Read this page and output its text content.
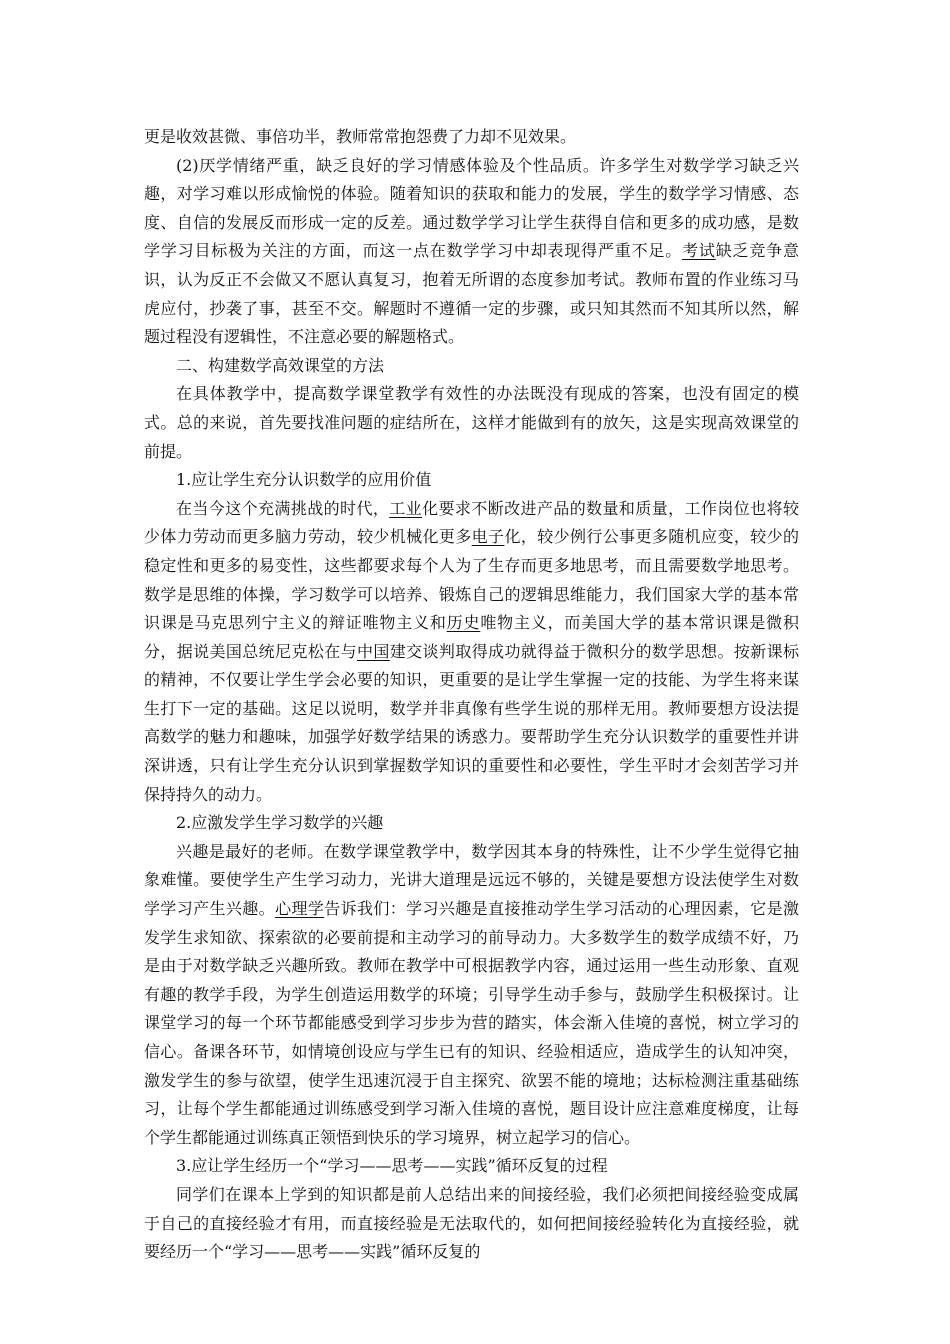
更是收效甚微、事倍功半，教师常常抱怨费了力却不见效果。

(2)厌学情绪严重，缺乏良好的学习情感体验及个性品质。许多学生对数学学习缺乏兴趣，对学习难以形成愉悦的体验。随着知识的获取和能力的发展，学生的数学学习情感、态度、自信的发展反而形成一定的反差。通过数学学习让学生获得自信和更多的成功感，是数学学习目标极为关注的方面，而这一点在数学学习中却表现得严重不足。考试缺乏竞争意识，认为反正不会做又不愿认真复习，抱着无所谓的态度参加考试。教师布置的作业练习马虎应付，抄袭了事，甚至不交。解题时不遵循一定的步骤，或只知其然而不知其所以然，解题过程没有逻辑性，不注意必要的解题格式。

二、构建数学高效课堂的方法

在具体教学中，提高数学课堂教学有效性的办法既没有现成的答案，也没有固定的模式。总的来说，首先要找准问题的症结所在，这样才能做到有的放矢，这是实现高效课堂的前提。

1.应让学生充分认识数学的应用价值

在当今这个充满挑战的时代，工业化要求不断改进产品的数量和质量，工作岗位也将较少体力劳动而更多脑力劳动，较少机械化更多电子化，较少例行公事更多随机应变，较少的稳定性和更多的易变性，这些都要求每个人为了生存而更多地思考，而且需要数学地思考。数学是思维的体操，学习数学可以培养、锻炼自己的逻辑思维能力，我们国家大学的基本常识课是马克思列宁主义的辩证唯物主义和历史唯物主义，而美国大学的基本常识课是微积分，据说美国总统尼克松在与中国建交谈判取得成功就得益于微积分的数学思想。按新课标的精神，不仅要让学生学会必要的知识，更重要的是让学生掌握一定的技能、为学生将来谋生打下一定的基础。这足以说明，数学并非真像有些学生说的那样无用。教师要想方设法提高数学的魅力和趣味，加强学好数学结果的诱惑力。要帮助学生充分认识数学的重要性并讲深讲透，只有让学生充分认识到掌握数学知识的重要性和必要性，学生平时才会刻苦学习并保持持久的动力。

2.应激发学生学习数学的兴趣

兴趣是最好的老师。在数学课堂教学中，数学因其本身的特殊性，让不少学生觉得它抽象难懂。要使学生产生学习动力，光讲大道理是远远不够的，关键是要想方设法使学生对数学学习产生兴趣。心理学告诉我们：学习兴趣是直接推动学生学习活动的心理因素，它是激发学生求知欲、探索欲的必要前提和主动学习的前导动力。大多数学生的数学成绩不好，乃是由于对数学缺乏兴趣所致。教师在教学中可根据教学内容，通过运用一些生动形象、直观有趣的教学手段，为学生创造运用数学的环境；引导学生动手参与，鼓励学生积极探讨。让课堂学习的每一个环节都能感受到学习步步为营的踏实，体会渐入佳境的喜悦，树立学习的信心。备课各环节，如情境创设应与学生已有的知识、经验相适应，造成学生的认知冲突，激发学生的参与欲望，使学生迅速沉浸于自主探究、欲罢不能的境地；达标检测注重基础练习，让每个学生都能通过训练感受到学习渐入佳境的喜悦，题目设计应注意难度梯度，让每个学生都能通过训练真正领悟到快乐的学习境界，树立起学习的信心。

3.应让学生经历一个“学习——思考——实践”循环反复的过程

同学们在课本上学到的知识都是前人总结出来的间接经验，我们必须把间接经验变成属于自己的直接经验才有用，而直接经验是无法取代的，如何把间接经验转化为直接经验，就要经历一个“学习——思考——实践”循环反复的
